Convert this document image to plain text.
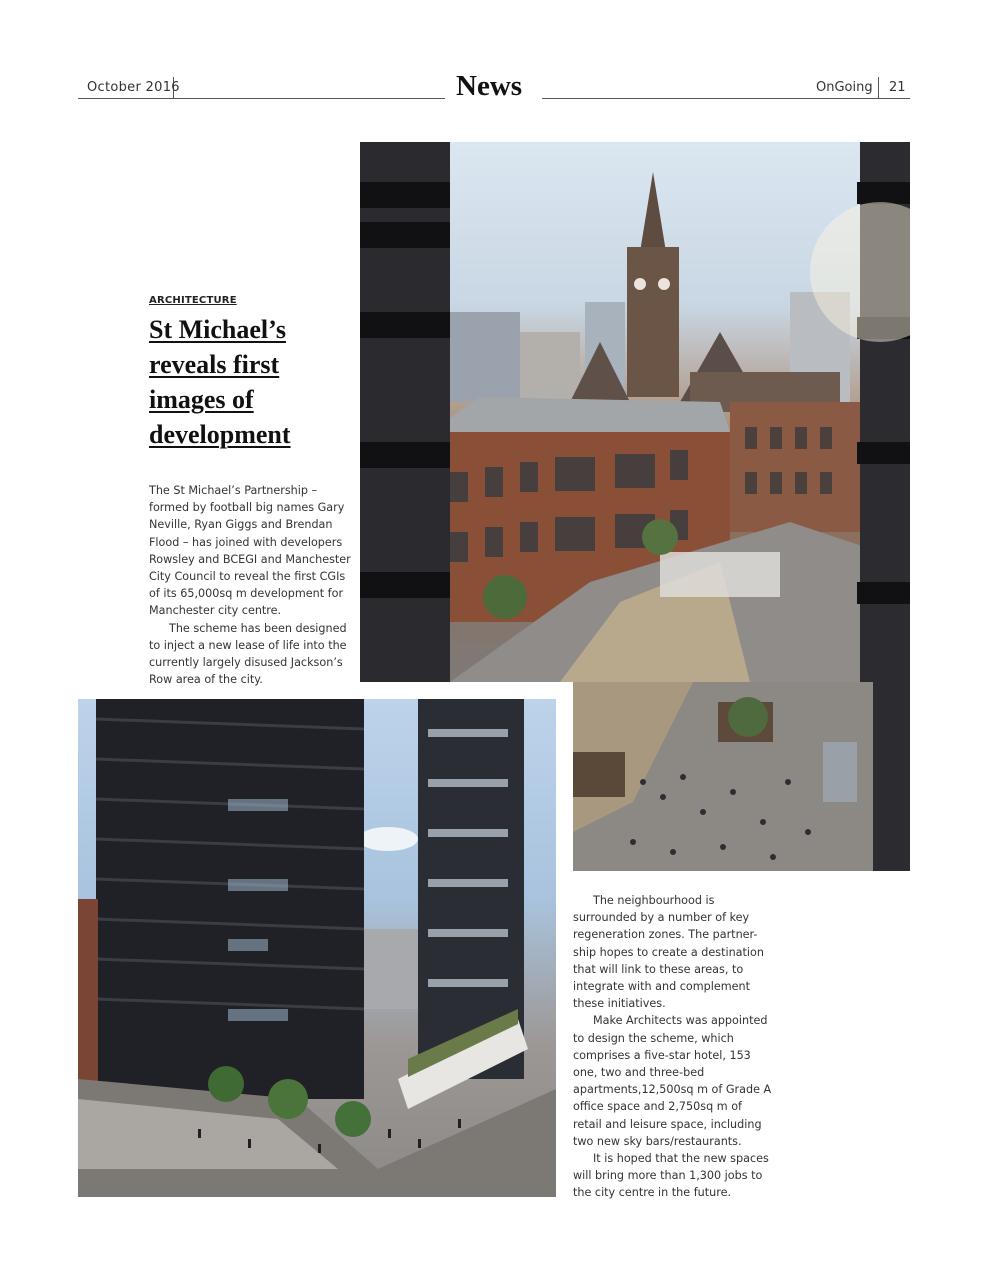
October 2016	News	OnGoing 21
ARCHITECTURE
St Michael’s
reveals first
images of
development

The St Michael’s Partnership – formed by football big names Gary Neville, Ryan Giggs and Brendan Flood – has joined with developers Rowsley and BCEGI and Manchester City Council to reveal the first CGIs of its 65,000sq m development for Manchester city centre.

The scheme has been designed to inject a new lease of life into the currently largely disused Jackson’s Row area of the city.

The neighbourhood is surrounded by a number of key regeneration zones. The partner-ship hopes to create a destination that will link to these areas, to integrate with and complement these initiatives.

Make Architects was appointed to design the scheme, which comprises a five-star hotel, 153 one, two and three-bed apartments,12,500sq m of Grade A office space and 2,750sq m of retail and leisure space, including two new sky bars/restaurants.

It is hoped that the new spaces will bring more than 1,300 jobs to the city centre in the future.
